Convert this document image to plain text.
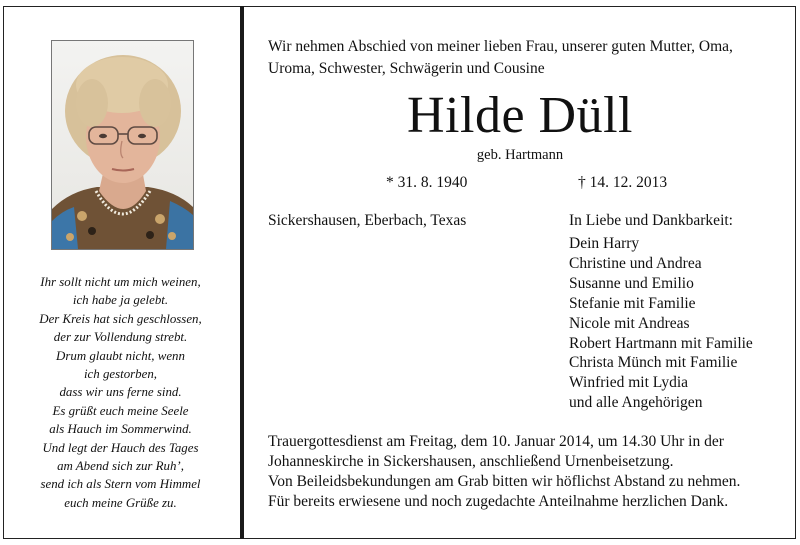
Ihr sollt nicht um mich weinen,
ich habe ja gelebt.
Der Kreis hat sich geschlossen,
der zur Vollendung strebt.
Drum glaubt nicht, wenn
ich gestorben,
dass wir uns ferne sind.
Es grüßt euch meine Seele
als Hauch im Sommerwind.
Und legt der Hauch des Tages
am Abend sich zur Ruh’,
send ich als Stern vom Himmel
euch meine Grüße zu.
Wir nehmen Abschied von meiner lieben Frau, unserer guten Mutter, Oma,
Uroma, Schwester, Schwägerin und Cousine
Hilde Düll
geb. Hartmann
* 31. 8. 1940	† 14. 12. 2013
Sickershausen, Eberbach, Texas	In Liebe und Dankbarkeit:
Dein Harry
Christine und Andrea
Susanne und Emilio
Stefanie mit Familie
Nicole mit Andreas
Robert Hartmann mit Familie
Christa Münch mit Familie
Winfried mit Lydia
und alle Angehörigen
Trauergottesdienst am Freitag, dem 10. Januar 2014, um 14.30 Uhr in der
Johanneskirche in Sickershausen, anschließend Urnenbeisetzung.
Von Beileidsbekundungen am Grab bitten wir höflichst Abstand zu nehmen.
Für bereits erwiesene und noch zugedachte Anteilnahme herzlichen Dank.
